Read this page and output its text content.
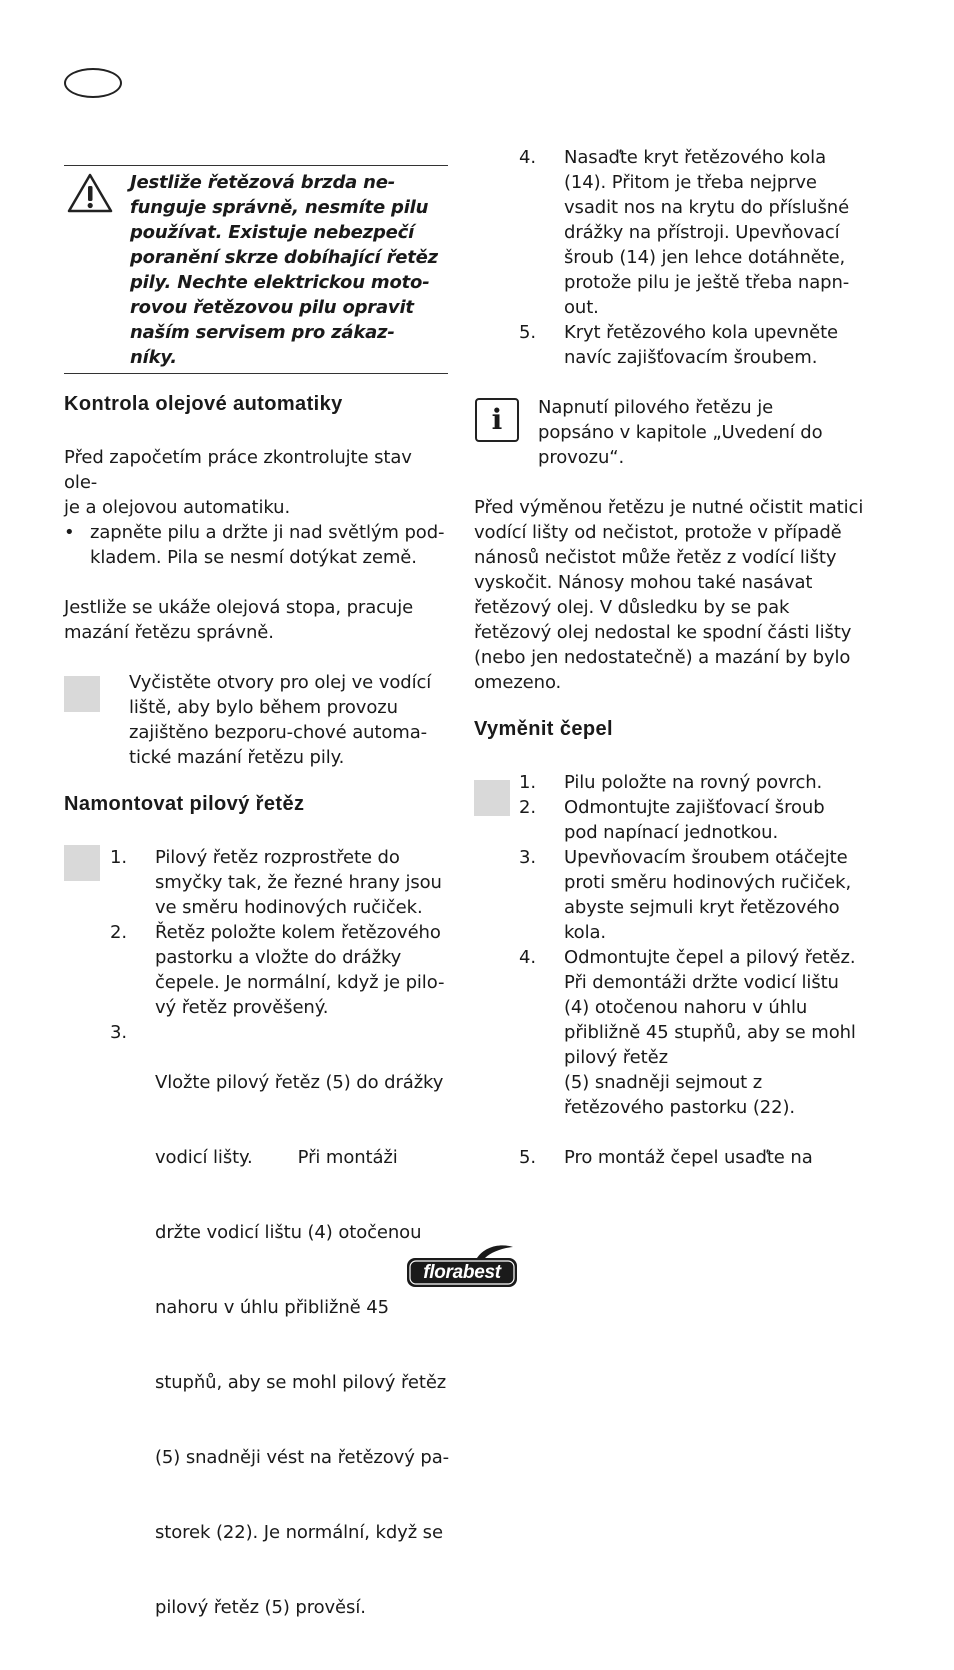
Jestliže řetězová brzda ne-
funguje správně, nesmíte pilu
používat. Existuje nebezpečí
poranění skrze dobíhající řetěz
pily. Nechte elektrickou moto-
rovou řetězovou pilu opravit
naším servisem pro zákaz-
níky.
Kontrola olejové automatiky
Před započetím práce zkontrolujte stav ole-
je a olejovou automatiku.
• zapněte pilu a držte ji nad světlým pod-
kladem. Pila se nesmí dotýkat země.
Jestliže se ukáže olejová stopa, pracuje
mazání řetězu správně.
Vyčistěte otvory pro olej ve vodící
liště, aby bylo během provozu
zajištěno bezporu-chové automa-
tické mazání řetězu pily.
Namontovat pilový řetěz
1. Pilový řetěz rozprostřete do
smyčky tak, že řezné hrany jsou
ve směru hodinových ručiček.
2. Řetěz položte kolem řetězového
pastorku a vložte do drážky
čepele. Je normální, když je pilo-
vý řetěz prověšený.
3.

Vložte pilový řetěz (5) do drážky

vodicí lišty.        Při montáži

držte vodicí lištu (4) otočenou

nahoru v úhlu přibližně 45

stupňů, aby se mohl pilový řetěz

(5) snadněji vést na řetězový pa-

storek (22). Je normální, když se

pilový řetěz (5) prověsí.

4. Nasaďte kryt řetězového kola
(14). Přitom je třeba nejprve
vsadit nos na krytu do příslušné
drážky na přístroji. Upevňovací
šroub (14) jen lehce dotáhněte,
protože pilu je ještě třeba napn-
out.
5. Kryt řetězového kola upevněte
navíc zajišťovacím šroubem.
i	Napnutí pilového řetězu je
popsáno v kapitole „Uvedení do
provozu“.
Před výměnou řetězu je nutné očistit matici
vodící lišty od nečistot, protože v případě
nánosů nečistot může řetěz z vodící lišty
vyskočit. Nánosy mohou také nasávat
řetězový olej. V důsledku by se pak
řetězový olej nedostal ke spodní části lišty
(nebo jen nedostatečně) a mazání by bylo
omezeno.
Vyměnit čepel
1. Pilu položte na rovný povrch.
2. Odmontujte zajišťovací šroub
pod napínací jednotkou.
3. Upevňovacím šroubem otáčejte
proti směru hodinových ručiček,
abyste sejmuli kryt řetězového
kola.
4. Odmontujte čepel a pilový řetěz.
Při demontáži držte vodicí lištu
(4) otočenou nahoru v úhlu
přibližně 45 stupňů, aby se mohl
pilový řetěz
(5) snadněji sejmout z
řetězového pastorku (22).
5. Pro montáž čepel usaďte na
florabest
